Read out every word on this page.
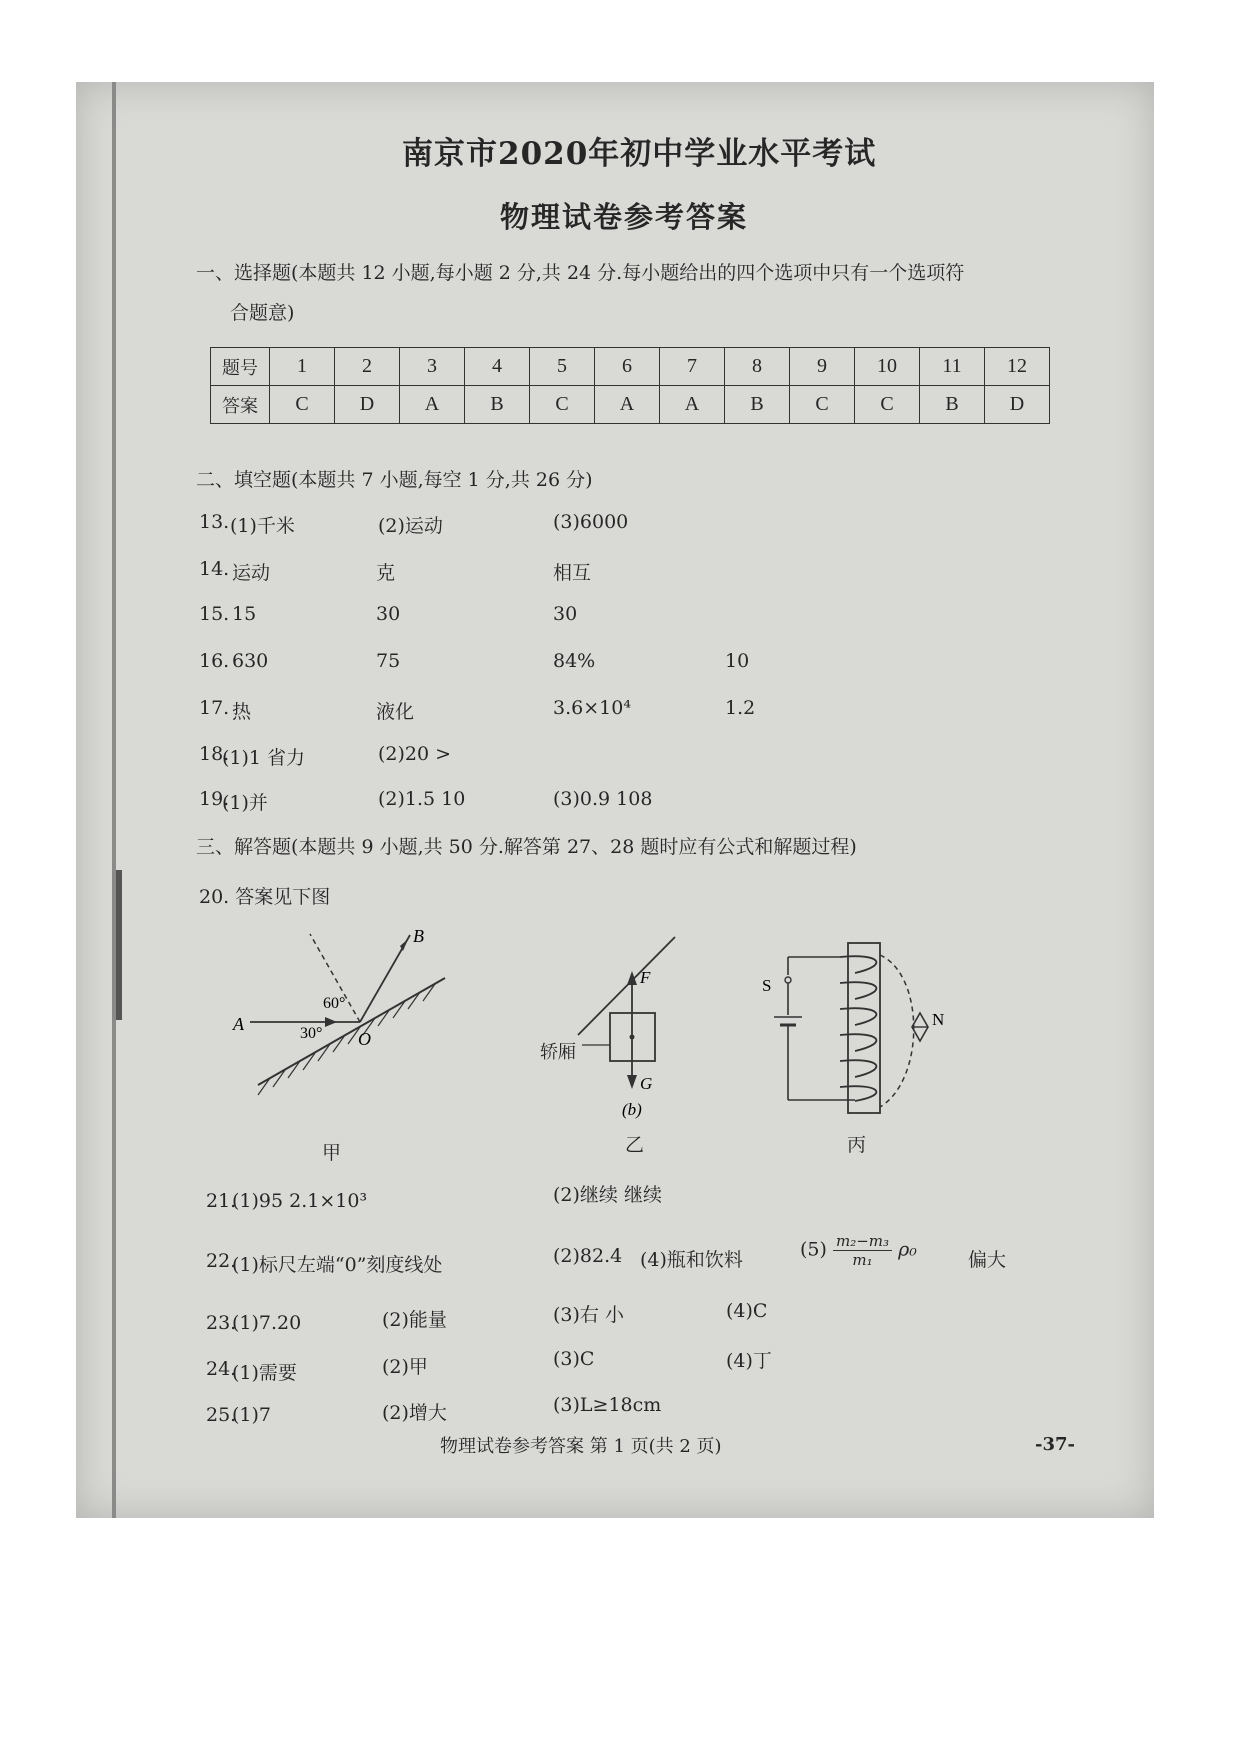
南京市2020年初中学业水平考试
物理试卷参考答案
一、选择题(本题共 12 小题,每小题 2 分,共 24 分.每小题给出的四个选项中只有一个选项符
合题意)
题号	1	2	3	4	5	6	7	8	9	10	11	12
答案	C	D	A	B	C	A	A	B	C	C	B	D
二、填空题(本题共 7 小题,每空 1 分,共 26 分)
13. (1)千米	(2)运动	(3)6000
14. 运动	克	相互
15. 15	30	30
16. 630	75	84%	10
17. 热	液化	3.6×10⁴	1.2
18.
(1)1 省力	(2)20 >
19.
(1)并	(2)1.5 10	(3)0.9 108
三、解答题(本题共 9 小题,共 50 分.解答第 27、28 题时应有公式和解题过程)
20. 答案见下图
B
A
O
60°
30°
甲
F
G
(b)
轿厢
乙
N
S
丙
21.
(1)95 2.1×10³	(2)继续 继续
22.
(1)标尺左端“0”刻度线处	(2)82.4 (4)瓶和饮料	$(5) \frac{\text{m₂−m₃}}{\text{m₁}} \rho_0$	偏大
23.
(1)7.20	(2)能量	(3)右 小	(4)C
24.
(1)需要	(2)甲	(3)C	(4)丁
25.
(1)7	(2)增大	(3)L≥18cm
物理试卷参考答案 第 1 页(共 2 页)	-37-
